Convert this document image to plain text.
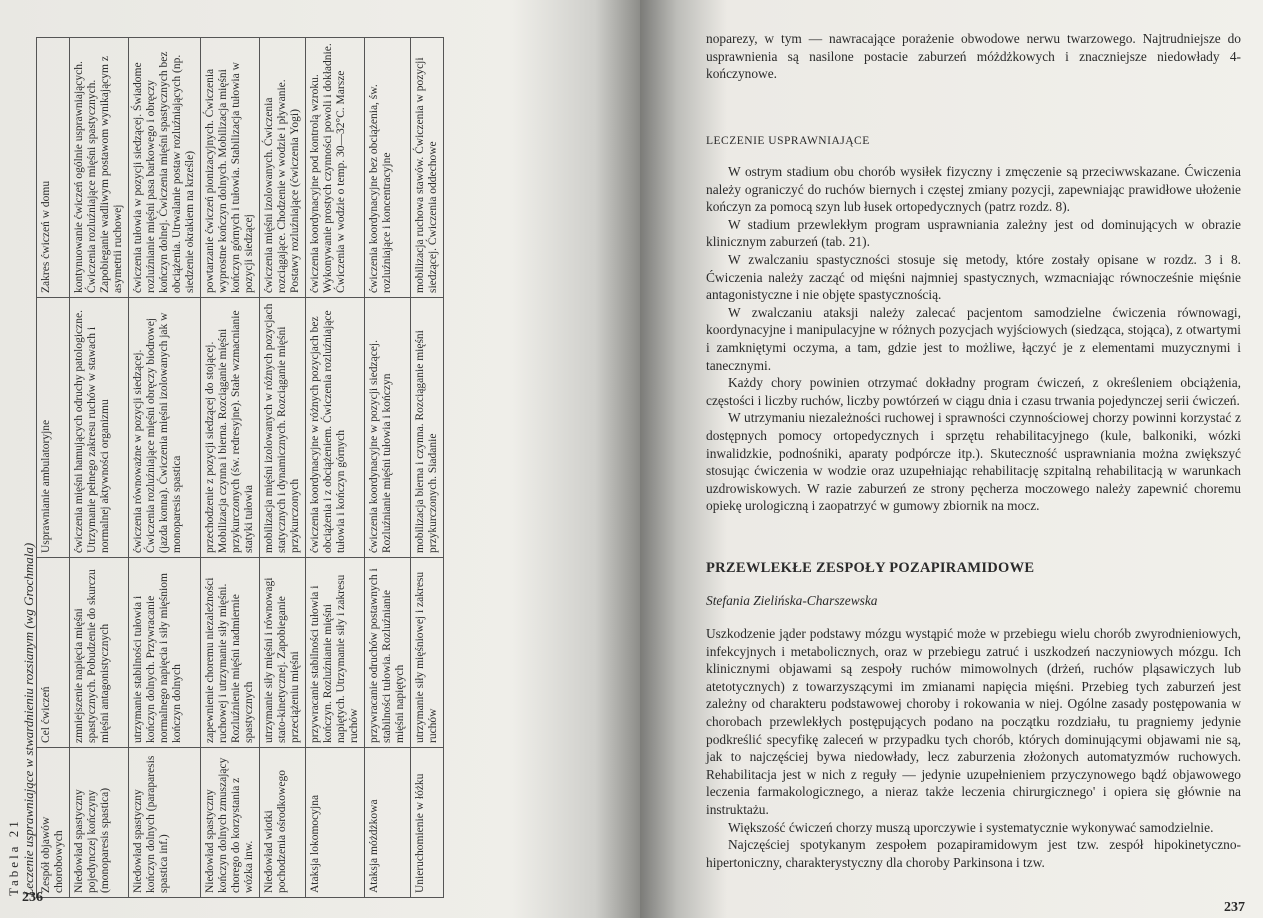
Tabela 21
Leczenie usprawniające w stwardnieniu rozsianym (wg Grochmala) Zespół objawów chorobowych	Cel ćwiczeń	Usprawnianie ambulatoryjne	Zakres ćwiczeń w domu
Niedowład spastyczny pojedynczej kończyny (monoparesis spastica)	zmniejszenie napięcia mięśni spastycznych. Pobudzenie do skurczu mięśni antagonistycznych	ćwiczenia mięśni hamujących odruchy patologiczne. Utrzymanie pełnego zakresu ruchów w stawach i normalnej aktywności organizmu	kontynuowanie ćwiczeń ogólnie usprawniających. Ćwiczenia rozluźniające mięśni spastycznych. Zapobieganie wadliwym postawom wynikającym z asymetrii ruchowej
Niedowład spastyczny kończyn dolnych (paraparesis spastica inf.)	utrzymanie stabilności tułowia i kończyn dolnych. Przywracanie normalnego napięcia i siły mięśniom kończyn dolnych	ćwiczenia równoważne w pozycji siedzącej. Ćwiczenia rozluźniające mięśni obręczy biodrowej (jazda konna). Ćwiczenia mięśni izolowanych jak w monoparesis spastica	ćwiczenia tułowia w pozycji siedzącej. Świadome rozluźnianie mięśni pasa barkowego i obręczy kończyn dolnej. Ćwiczenia mięśni spastycznych bez obciążenia. Utrwalanie postaw rozluźniających (np. siedzenie okrakiem na krześle)
Niedowład spastyczny kończyn dolnych zmuszający chorego do korzystania z wózka inw.	zapewnienie choremu niezależności ruchowej i utrzymanie siły mięśni. Rozluźnienie mięśni nadmiernie spastycznych	przechodzenie z pozycji siedzącej do stojącej. Mobilizacja czynna i bierna. Rozciąganie mięśni przykurczonych (św. redresyjne). Stałe wzmacnianie statyki tułowia	powtarzanie ćwiczeń pionizacyjnych. Ćwiczenia wyprostne kończyn dolnych. Mobilizacja mięśni kończyn górnych i tułowia. Stabilizacja tułowia w pozycji siedzącej
Niedowład wiotki pochodzenia ośrodkowego	utrzymanie siły mięśni i równowagi stato-kinetycznej. Zapobieganie przeciążeniu mięśni	mobilizacja mięśni izolowanych w różnych pozycjach statycznych i dynamicznych. Rozciąganie mięśni przykurczonych	ćwiczenia mięśni izolowanych. Ćwiczenia rozciągające. Chodzenie w wodzie i pływanie. Postawy rozluźniające (ćwiczenia Yogi)
Ataksja lokomocyjna	przywracanie stabilności tułowia i kończyn. Rozluźnianie mięśni napiętych. Utrzymanie siły i zakresu ruchów	ćwiczenia koordynacyjne w różnych pozycjach bez obciążenia i z obciążeniem. Ćwiczenia rozluźniające tułowia i kończyn górnych	ćwiczenia koordynacyjne pod kontrolą wzroku. Wykonywanie prostych czynności powoli i dokładnie. Ćwiczenia w wodzie o temp. 30—32°C. Marsze
Ataksja móżdżkowa	przywracanie odruchów postawnych i stabilności tułowia. Rozluźnianie mięśni napiętych	ćwiczenia koordynacyjne w pozycji siedzącej. Rozluźnianie mięśni tułowia i kończyn	ćwiczenia koordynacyjne bez obciążenia, św. rozluźniające i koncentracyjne
Unieruchomienie w łóżku	utrzymanie siły mięśniowej i zakresu ruchów	mobilizacja bierna i czynna. Rozciąganie mięśni przykurczonych. Siadanie	mobilizacja ruchowa stawów. Ćwiczenia w pozycji siedzącej. Ćwiczenia oddechowe
236

noparezy, w tym — nawracające porażenie obwodowe nerwu twarzowego. Najtrudniejsze do usprawnienia są nasilone postacie zaburzeń móżdżkowych i znaczniejsze niedowłady 4-kończynowe.

LECZENIE USPRAWNIAJĄCE

W ostrym stadium obu chorób wysiłek fizyczny i zmęczenie są przeciwwskazane. Ćwiczenia należy ograniczyć do ruchów biernych i częstej zmiany pozycji, zapewniając prawidłowe ułożenie kończyn za pomocą szyn lub łusek ortopedycznych (patrz rozdz. 8).

W stadium przewlekłym program usprawniania zależny jest od dominujących w obrazie klinicznym zaburzeń (tab. 21).

W zwalczaniu spastyczności stosuje się metody, które zostały opisane w rozdz. 3 i 8. Ćwiczenia należy zacząć od mięśni najmniej spastycznych, wzmacniając równocześnie mięśnie antagonistyczne i nie objęte spastycznością.

W zwalczaniu ataksji należy zalecać pacjentom samodzielne ćwiczenia równowagi, koordynacyjne i manipulacyjne w różnych pozycjach wyjściowych (siedząca, stojąca), z otwartymi i zamkniętymi oczyma, a tam, gdzie jest to możliwe, łączyć je z elementami muzycznymi i tanecznymi.

Każdy chory powinien otrzymać dokładny program ćwiczeń, z określeniem obciążenia, częstości i liczby ruchów, liczby powtórzeń w ciągu dnia i czasu trwania pojedynczej serii ćwiczeń.

W utrzymaniu niezależności ruchowej i sprawności czynnościowej chorzy powinni korzystać z dostępnych pomocy ortopedycznych i sprzętu rehabilitacyjnego (kule, balkoniki, wózki inwalidzkie, podnośniki, aparaty podpórcze itp.). Skuteczność usprawniania można zwiększyć stosując ćwiczenia w wodzie oraz uzupełniając rehabilitację szpitalną rehabilitacją w warunkach uzdrowiskowych. W razie zaburzeń ze strony pęcherza moczowego należy zapewnić choremu opiekę urologiczną i zaopatrzyć w gumowy zbiornik na mocz.

PRZEWLEKŁE ZESPOŁY POZAPIRAMIDOWE
Stefania Zielińska-Charszewska

Uszkodzenie jąder podstawy mózgu wystąpić może w przebiegu wielu chorób zwyrodnieniowych, infekcyjnych i metabolicznych, oraz w przebiegu zatruć i uszkodzeń naczyniowych mózgu. Ich klinicznymi objawami są zespoły ruchów mimowolnych (drżeń, ruchów pląsawiczych lub atetotycznych) z towarzyszącymi im zmianami napięcia mięśni. Przebieg tych zaburzeń jest zależny od charakteru podstawowej choroby i rokowania w niej. Ogólne zasady postępowania w chorobach przewlekłych postępujących podano na początku rozdziału, tu pragniemy jedynie podkreślić specyfikę zaleceń w przypadku tych chorób, których dominującymi objawami nie są, jak to najczęściej bywa niedowłady, lecz zaburzenia złożonych automatyzmów ruchowych. Rehabilitacja jest w nich z reguły — jedynie uzupełnieniem przyczynowego bądź objawowego leczenia farmakologicznego, a nieraz także leczenia chirurgicznego' i opiera się głównie na instruktażu.

Większość ćwiczeń chorzy muszą uporczywie i systematycznie wykonywać samodzielnie.

Najczęściej spotykanym zespołem pozapiramidowym jest tzw. zespół hipokinetyczno-hipertoniczny, charakterystyczny dla choroby Parkinsona i tzw.

237
